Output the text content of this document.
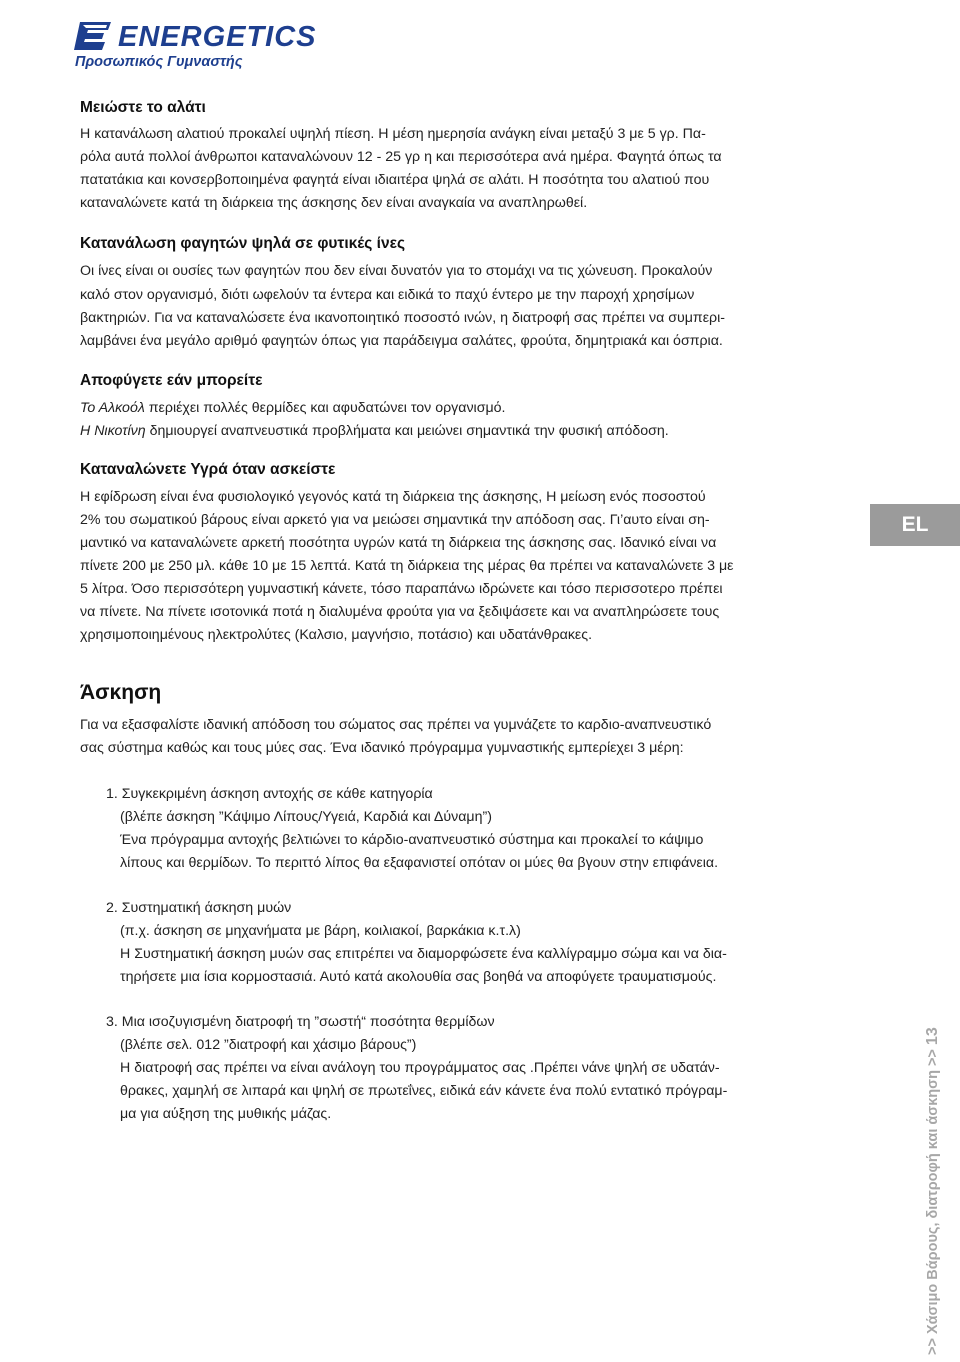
ENERGETICS
Προσωπικός Γυμναστής
Μειώστε το αλάτι
Η κατανάλωση αλατιού προκαλεί υψηλή πίεση. Η μέση ημερησία ανάγκη είναι μεταξύ 3 με 5 γρ. Πα-
ρόλα αυτά πολλοί άνθρωποι καταναλώνουν 12 - 25 γρ η και περισσότερα ανά ημέρα. Φαγητά όπως τα
πατατάκια και κονσερβοποιημένα φαγητά είναι ιδιαιτέρα ψηλά σε αλάτι. Η ποσότητα του αλατιού που
καταναλώνετε κατά τη διάρκεια της άσκησης δεν είναι αναγκαία να αναπληρωθεί.
Κατανάλωση φαγητών ψηλά σε φυτικές ίνες
Οι ίνες είναι οι ουσίες των φαγητών που δεν είναι δυνατόν για το στομάχι να τις χώνευση. Προκαλούν
καλό στον οργανισμό, διότι ωφελούν τα έντερα και ειδικά το παχύ έντερο με την παροχή χρησίμων
βακτηριών. Για να καταναλώσετε ένα ικανοποιητικό ποσοστό ινών, η διατροφή σας πρέπει να συμπερι-
λαμβάνει ένα μεγάλο αριθμό φαγητών όπως για παράδειγμα σαλάτες, φρούτα, δημητριακά και όσπρια.
Αποφύγετε εάν μπορείτε
Το Αλκοόλ περιέχει πολλές θερμίδες και αφυδατώνει τον οργανισμό.
Η Νικοτίνη δημιουργεί αναπνευστικά προβλήματα και μειώνει σημαντικά την φυσική απόδοση.
Καταναλώνετε Υγρά όταν ασκείστε
Η εφίδρωση είναι ένα φυσιολογικό γεγονός κατά τη διάρκεια της άσκησης, Η μείωση ενός ποσοστού
2% του σωματικού βάρους είναι αρκετό για να μειώσει σημαντικά την απόδοση σας. Γι’αυτο είναι ση-
μαντικό να καταναλώνετε αρκετή ποσότητα υγρών κατά τη διάρκεια της άσκησης σας. Ιδανικό είναι να
πίνετε 200 με 250 μλ. κάθε 10 με 15 λεπτά. Κατά τη διάρκεια της μέρας θα πρέπει να καταναλώνετε 3 με
5 λίτρα. Όσο περισσότερη γυμναστική κάνετε, τόσο παραπάνω ιδρώνετε και τόσο περισσοτερο πρέπει
να πίνετε. Να πίνετε ισοτονικά ποτά η διαλυμένα φρούτα για να ξεδιψάσετε και να αναπληρώσετε τους
χρησιμοποιημένους ηλεκτρολύτες (Καλσιο, μαγνήσιο, ποτάσιο) και υδατάνθρακες.
Άσκηση
Για να εξασφαλίστε ιδανική απόδοση του σώματος σας πρέπει να γυμνάζετε το καρδιο-αναπνευστικό
σας σύστημα καθώς και τους μύες σας. Ένα ιδανικό πρόγραμμα γυμναστικής εμπερίεχει 3 μέρη:
1. Συγκεκριμένη άσκηση αντοχής σε κάθε κατηγορία
(βλέπε άσκηση ”Κάψιμο Λίπους/Υγειά, Καρδιά και Δύναμη”)
Ένα πρόγραμμα αντοχής βελτιώνει το κάρδιο-αναπνευστικό σύστημα και προκαλεί το κάψιμο
λίπους και θερμίδων. Το περιττό λίπος θα εξαφανιστεί οπόταν οι μύες θα βγουν στην επιφάνεια.
2. Συστηματική άσκηση μυών
(π.χ. άσκηση σε μηχανήματα με βάρη, κοιλιακοί, βαρκάκια κ.τ.λ)
Η Συστηματική άσκηση μυών σας επιτρέπει να διαμορφώσετε ένα καλλίγραμμο σώμα και να δια-
τηρήσετε μια ίσια κορμοστασιά. Αυτό κατά ακολουθία σας βοηθά να αποφύγετε τραυματισμούς.
3. Μια ισοζυγισμένη διατροφή τη ”σωστή“ ποσότητα θερμίδων
(βλέπε σελ. 012 ”διατροφή και χάσιμο βάρους”)
Η διατροφή σας πρέπει να είναι ανάλογη του προγράμματος σας .Πρέπει νάνε ψηλή σε υδατάν-
θρακες, χαμηλή σε λιπαρά και ψηλή σε πρωτεΐνες, ειδικά εάν κάνετε ένα πολύ εντατικό πρόγραμ-
μα για αύξηση της μυθικής μάζας.
EL
>> Χάσιμο Βάρους, διατροφή και άσκηση >> 13
